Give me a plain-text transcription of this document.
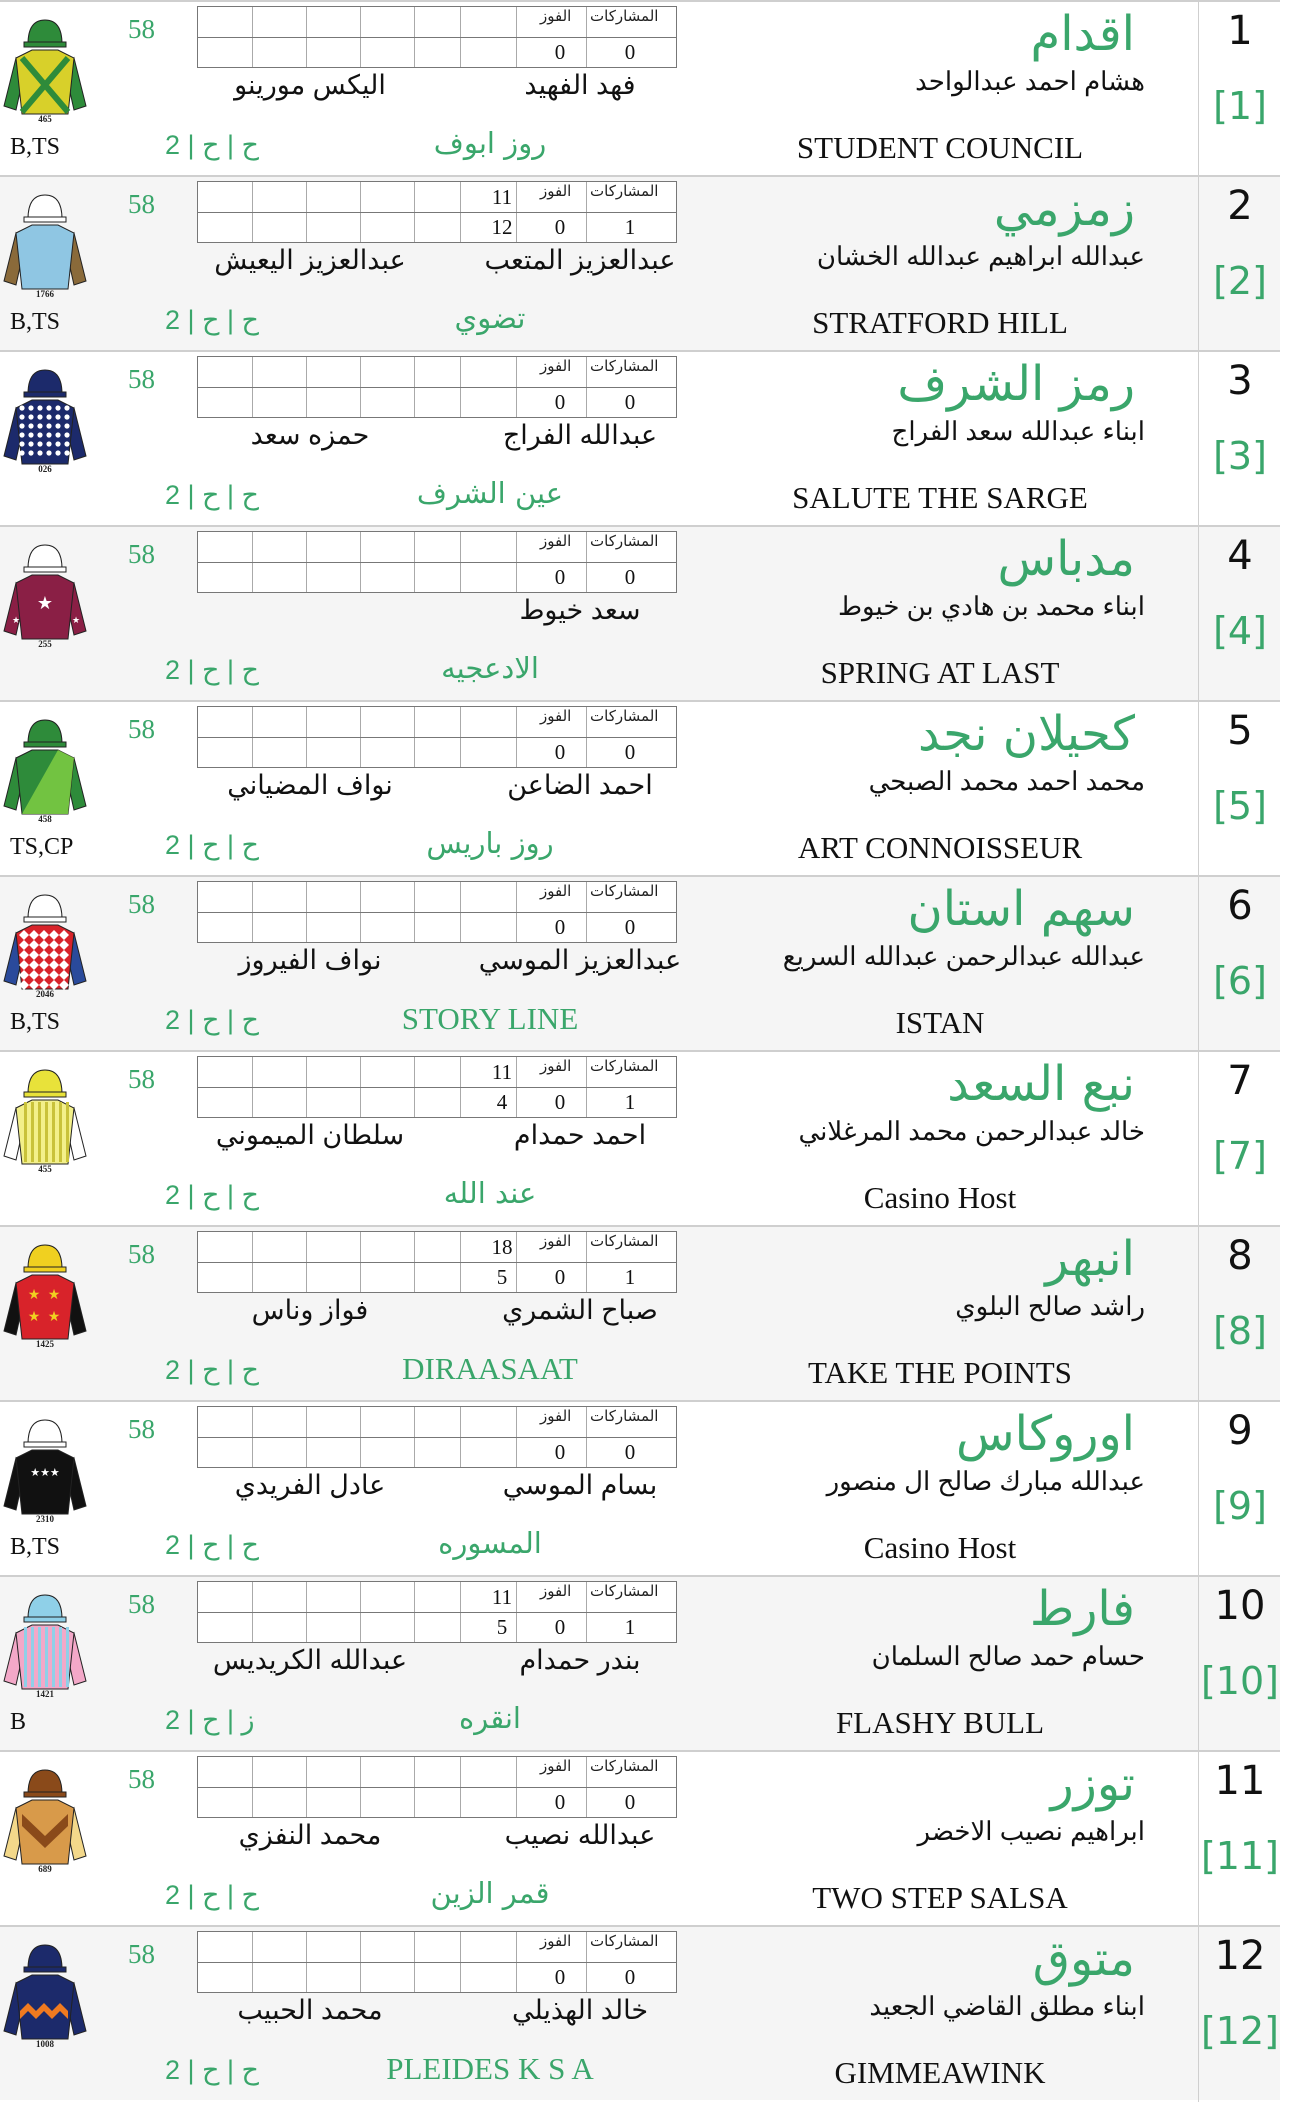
1
[1]
اقدام
هشام احمد عبدالواحد
STUDENT COUNCIL
المشاركات
الفوز
0
0
فهد الفهيد
اليكس مورينو
روز ابوف
2 | ح | ح
58
B,TS
465
2
[2]
زمزمي
عبدالله ابراهيم عبدالله الخشان
STRATFORD HILL
المشاركات
الفوز
1
0
12
11
عبدالعزيز المتعب
عبدالعزيز اليعيش
تضوي
2 | ح | ح
58
B,TS
1766
3
[3]
رمز الشرف
ابناء عبدالله سعد الفراج
SALUTE THE SARGE
المشاركات
الفوز
0
0
عبدالله الفراج
حمزه سعد
عين الشرف
2 | ح | ح
58
026
4
[4]
مدباس
ابناء محمد بن هادي بن خيوط
SPRING AT LAST
المشاركات
الفوز
0
0
سعد خيوط
الادعجيه
2 | ح | ح
58
★
★	★
255
5
[5]
كحيلان نجد
محمد احمد محمد الصبحي
ART CONNOISSEUR
المشاركات
الفوز
0
0
احمد الضاعن
نواف المضياني
روز باريس
2 | ح | ح
58
TS,CP
458
6
[6]
سهم استان
عبدالله عبدالرحمن عبدالله السريع
ISTAN
المشاركات
الفوز
0
0
عبدالعزيز الموسي
نواف الفيروز
STORY LINE
2 | ح | ح
58
B,TS
2046
7
[7]
نبع السعد
خالد عبدالرحمن محمد المرغلاني
Casino Host
المشاركات
الفوز
1
0
4
11
احمد حمدام
سلطان الميموني
عند الله
2 | ح | ح
58
455
8
[8]
انبهر
راشد صالح البلوي
TAKE THE POINTS
المشاركات
الفوز
1
0
5
18
صباح الشمري
فواز وناس
DIRAASAAT
2 | ح | ح
58
★ ★
★ ★
1425
9
[9]
اوروكاس
عبدالله مبارك صالح ال منصور
Casino Host
المشاركات
الفوز
0
0
بسام الموسي
عادل الفريدي
المسوره
2 | ح | ح
58
B,TS
★★★
2310
10
[10]
فارط
حسام حمد صالح السلمان
FLASHY BULL
المشاركات
الفوز
1
0
5
11
بندر حمدام
عبدالله الكريديس
انقره
2 | ز | ح
58
B
1421
11
[11]
توزر
ابراهيم نصيب الاخضر
TWO STEP SALSA
المشاركات
الفوز
0
0
عبدالله نصيب
محمد النفزي
قمر الزين
2 | ح | ح
58
689
12
[12]
متوق
ابناء مطلق القاضي الجعيد
GIMMEAWINK
المشاركات
الفوز
0
0
خالد الهذيلي
محمد الحبيب
PLEIDES K S A
2 | ح | ح
58
1008
